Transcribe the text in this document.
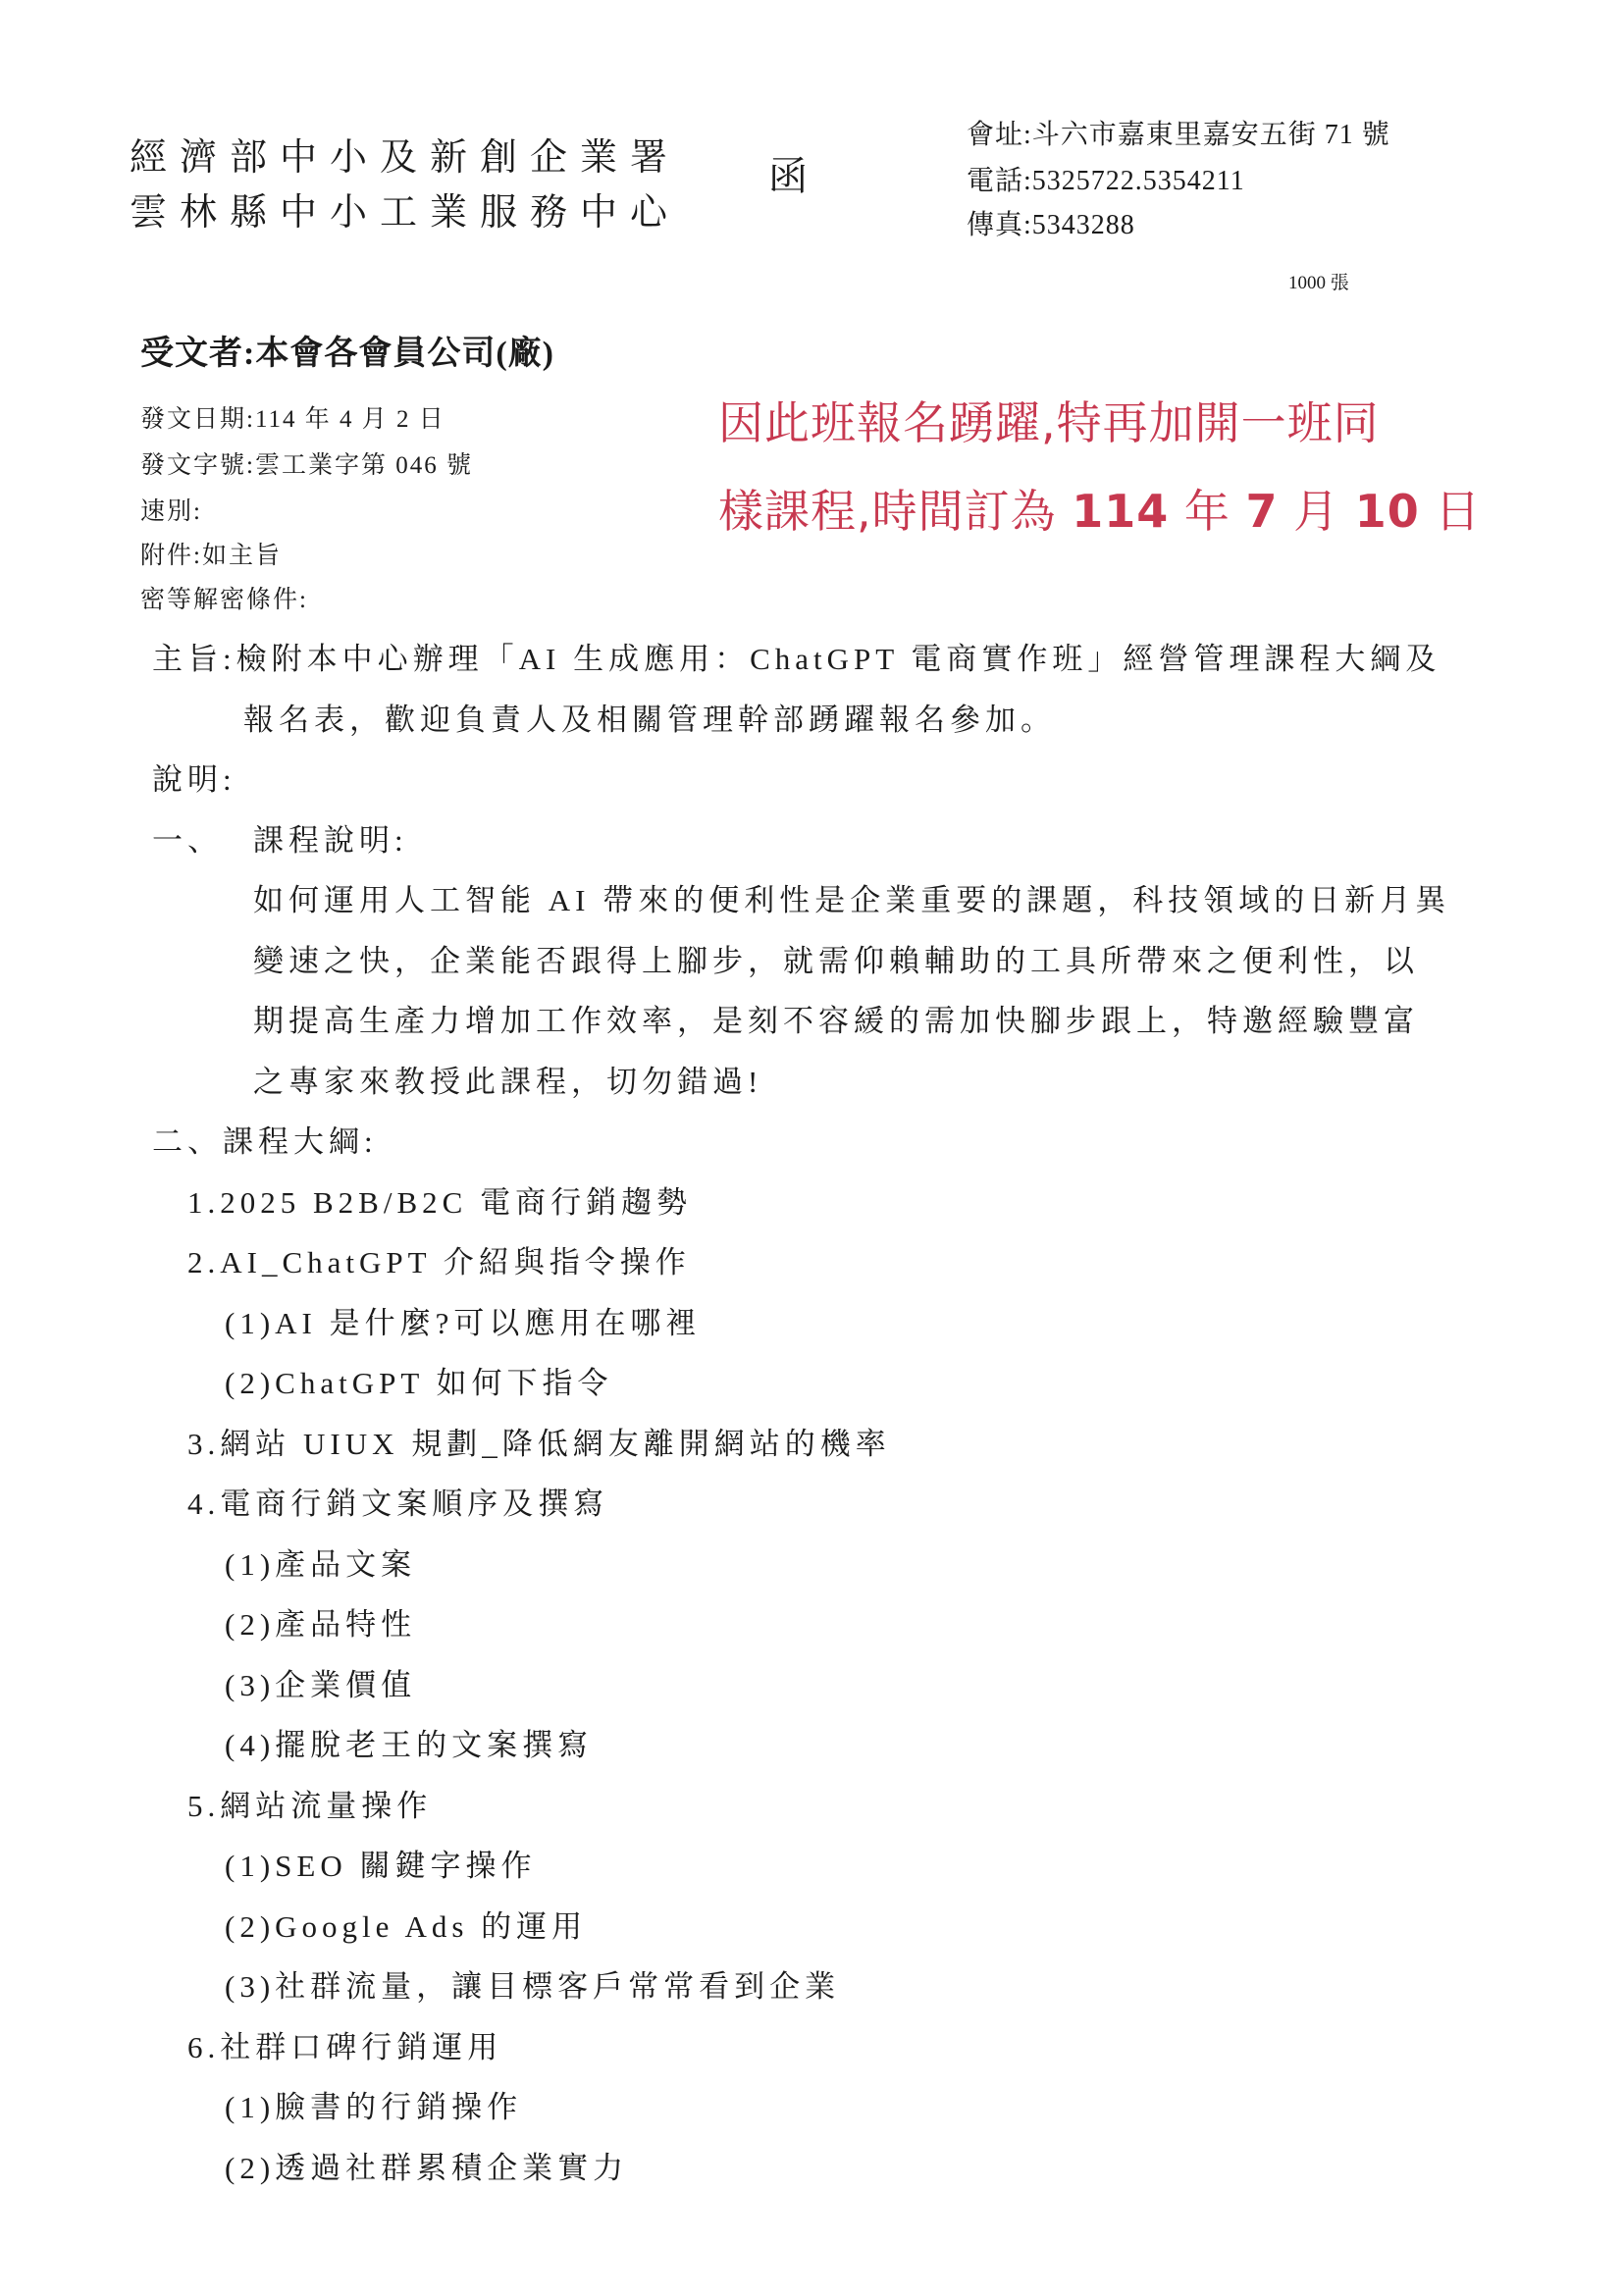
經濟部中小及新創企業署
雲林縣中小工業服務中心
函
會址:斗六市嘉東里嘉安五街 71 號
電話:5325722.5354211
傳真:5343288
1000 張
受文者:本會各會員公司(廠)
發文日期:114 年 4 月 2 日
發文字號:雲工業字第 046 號
速別:
附件:如主旨
密等解密條件:
因此班報名踴躍,特再加開一班同
樣課程,時間訂為 114 年 7 月 10 日
主旨:檢附本中心辦理「AI 生成應用：ChatGPT 電商實作班」經營管理課程大綱及
報名表，歡迎負責人及相關管理幹部踴躍報名參加。
說明:
一、 課程說明:
如何運用人工智能 AI 帶來的便利性是企業重要的課題，科技領域的日新月異
變速之快，企業能否跟得上腳步，就需仰賴輔助的工具所帶來之便利性，以
期提高生產力增加工作效率，是刻不容緩的需加快腳步跟上，特邀經驗豐富
之專家來教授此課程，切勿錯過!
二、課程大綱:
1.2025 B2B/B2C 電商行銷趨勢
2.AI_ChatGPT 介紹與指令操作
(1)AI 是什麼?可以應用在哪裡
(2)ChatGPT 如何下指令
3.網站 UIUX 規劃_降低網友離開網站的機率
4.電商行銷文案順序及撰寫
(1)產品文案
(2)產品特性
(3)企業價值
(4)擺脫老王的文案撰寫
5.網站流量操作
(1)SEO 關鍵字操作
(2)Google Ads 的運用
(3)社群流量，讓目標客戶常常看到企業
6.社群口碑行銷運用
(1)臉書的行銷操作
(2)透過社群累積企業實力
